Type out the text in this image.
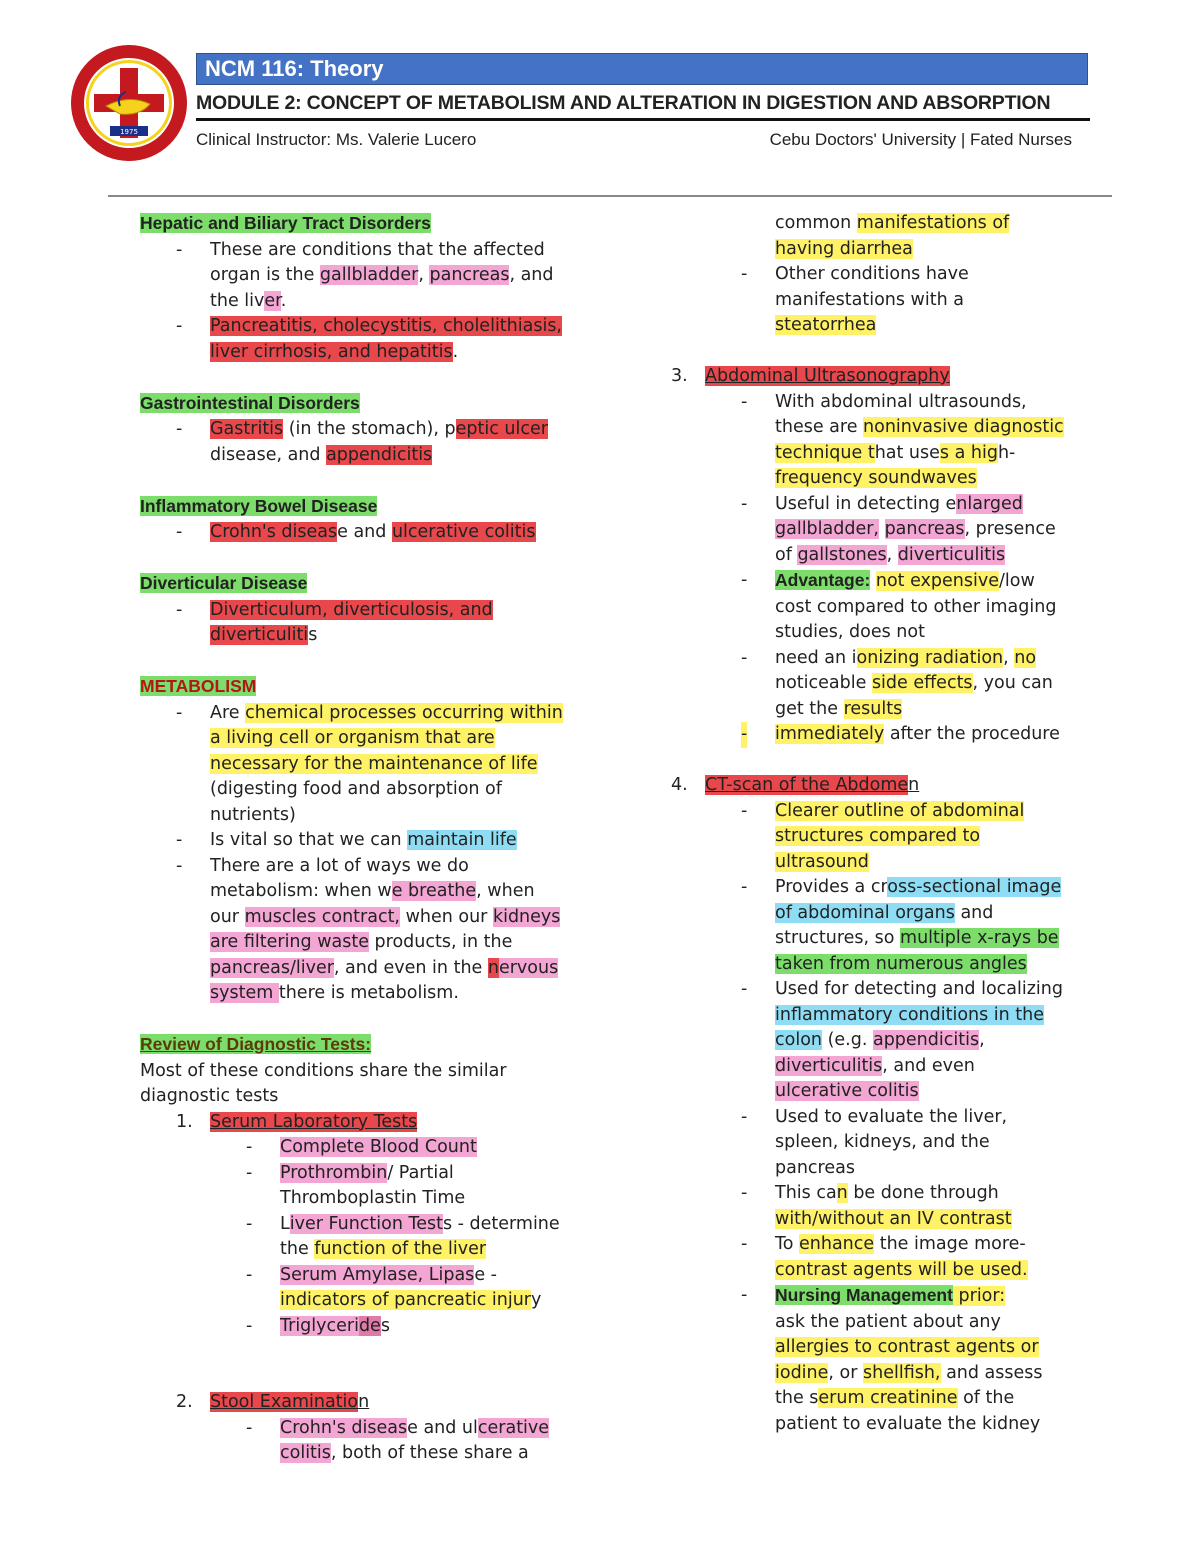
1975
NCM 116: Theory
MODULE 2: CONCEPT OF METABOLISM AND ALTERATION IN DIGESTION AND ABSORPTION
Clinical Instructor: Ms. Valerie Lucero	Cebu Doctors' University | Fated Nurses

Hepatic and Biliary Tract Disorders

- These are conditions that the affected

organ is the gallbladder, pancreas, and

the liver.

- Pancreatitis, cholecystitis, cholelithiasis,

liver cirrhosis, and hepatitis.

Gastrointestinal Disorders

- Gastritis (in the stomach), peptic ulcer

disease, and appendicitis

Inflammatory Bowel Disease

- Crohn's disease and ulcerative colitis

Diverticular Disease

- Diverticulum, diverticulosis, and

diverticulitis

METABOLISM

- Are chemical processes occurring within

a living cell or organism that are

necessary for the maintenance of life

(digesting food and absorption of

nutrients)

- Is vital so that we can maintain life

- There are a lot of ways we do

metabolism: when we breathe, when

our muscles contract, when our kidneys

are filtering waste products, in the

pancreas/liver, and even in the nervous

system there is metabolism.

Review of Diagnostic Tests:

Most of these conditions share the similar

diagnostic tests

1. Serum Laboratory Tests

- Complete Blood Count

- Prothrombin/ Partial

Thromboplastin Time

- Liver Function Tests - determine

the function of the liver

- Serum Amylase, Lipase -

indicators of pancreatic injury

- Triglycerides

2. Stool Examination

- Crohn's disease and ulcerative

colitis, both of these share a

common manifestations of

having diarrhea

- Other conditions have

manifestations with a

steatorrhea

3. Abdominal Ultrasonography

- With abdominal ultrasounds,

these are noninvasive diagnostic

technique that uses a high-

frequency soundwaves

- Useful in detecting enlarged

gallbladder, pancreas, presence

of gallstones, diverticulitis

- Advantage: not expensive/low

cost compared to other imaging

studies, does not

- need an ionizing radiation, no

noticeable side effects, you can

get the results

- immediately after the procedure

4. CT-scan of the Abdomen

- Clearer outline of abdominal

structures compared to

ultrasound

- Provides a cross-sectional image

of abdominal organs and

structures, so multiple x-rays be

taken from numerous angles

- Used for detecting and localizing

inflammatory conditions in the

colon (e.g. appendicitis,

diverticulitis, and even

ulcerative colitis

- Used to evaluate the liver,

spleen, kidneys, and the

pancreas

- This can be done through

with/without an IV contrast

- To enhance the image more-

contrast agents will be used.

- Nursing Management prior:

ask the patient about any

allergies to contrast agents or

iodine, or shellfish, and assess

the serum creatinine of the

patient to evaluate the kidney
